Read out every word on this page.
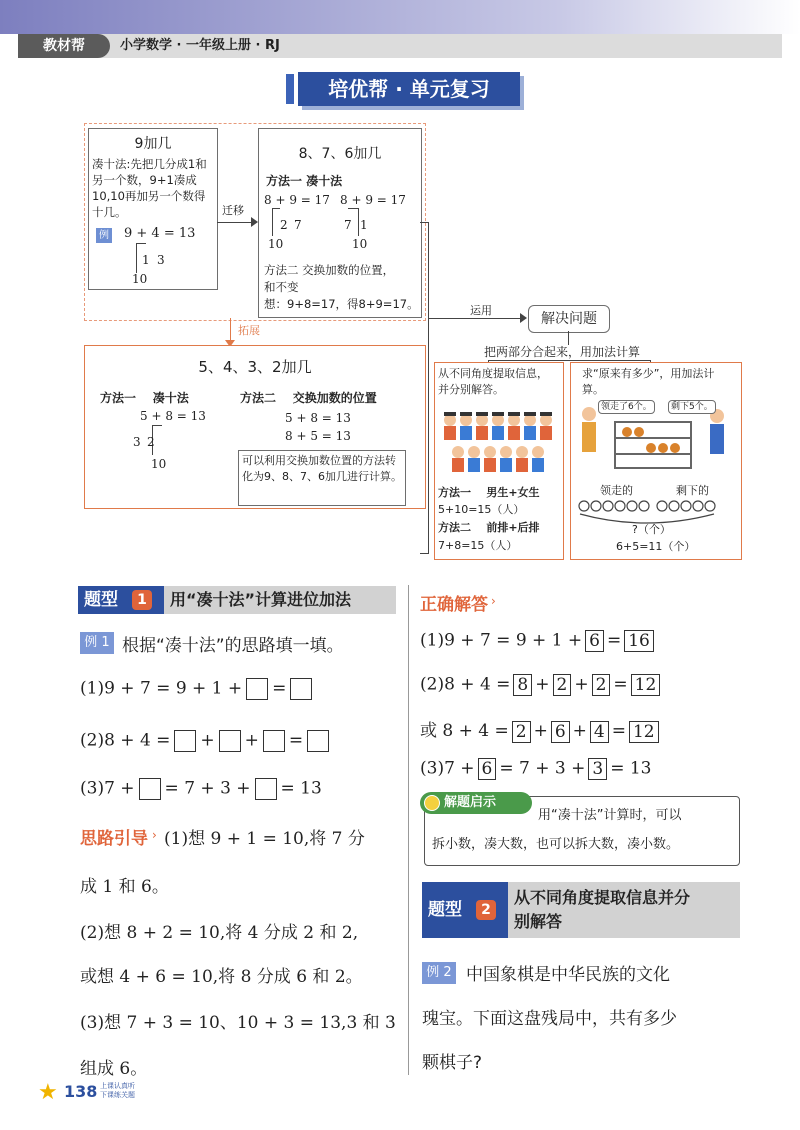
教材帮	小学数学 · 一年级上册 · RJ
培优帮 · 单元复习
9加几
凑十法:先把几分成1和另一个数，9+1凑成10,10再加另一个数得十几。
例 9 + 4 = 13
1 3
10
迁移
8、7、6加几
方法一 凑十法
8 + 9 = 17 8 + 9 = 17
2 7	7 1
10	10
方法二 交换加数的位置，
和不变
想：9+8=17，得8+9=17。
拓展
运用
解决问题
把两部分合起来，用加法计算
5、4、3、2加几
方法一    凑十法
5 + 8 = 13
3 2
10
方法二    交换加数的位置
5 + 8 = 13
8 + 5 = 13
可以利用交换加数位置的方法转化为9、8、7、6加几进行计算。
从不同角度提取信息，并分别解答。
方法一    男生+女生
5+10=15（人）
方法二    前排+后排
7+8=15（人）
求“原来有多少”，用加法计算。
领走了6个。	剩下5个。
领走的	剩下的
?（个）
6+5=11（个）
题型	1	用“凑十法”计算进位加法
例 1 根据“凑十法”的思路填一填。
(1)9 + 7 = 9 + 1 + =
(2)8 + 4 = + + =
(3)7 + = 7 + 3 + = 13
思路引导 › (1)想 9 + 1 = 10,将 7 分
成 1 和 6。
(2)想 8 + 2 = 10,将 4 分成 2 和 2,
或想 4 + 6 = 10,将 8 分成 6 和 2。
(3)想 7 + 3 = 10、10 + 3 = 13,3 和 3
组成 6。
正确解答 ›
(1)9 + 7 = 9 + 1 + 6 = 16
(2)8 + 4 = 8 + 2 + 2 = 12
或 8 + 4 = 2 + 6 + 4 = 12
(3)7 + 6 = 7 + 3 + 3 = 13
解题启示
用“凑十法”计算时，可以
拆小数，凑大数，也可以拆大数，凑小数。
题型	2
从不同角度提取信息并分
别解答
例 2 中国象棋是中华民族的文化
瑰宝。下面这盘残局中，共有多少
颗棋子?
★ 138 上课认真听
下课练关题
